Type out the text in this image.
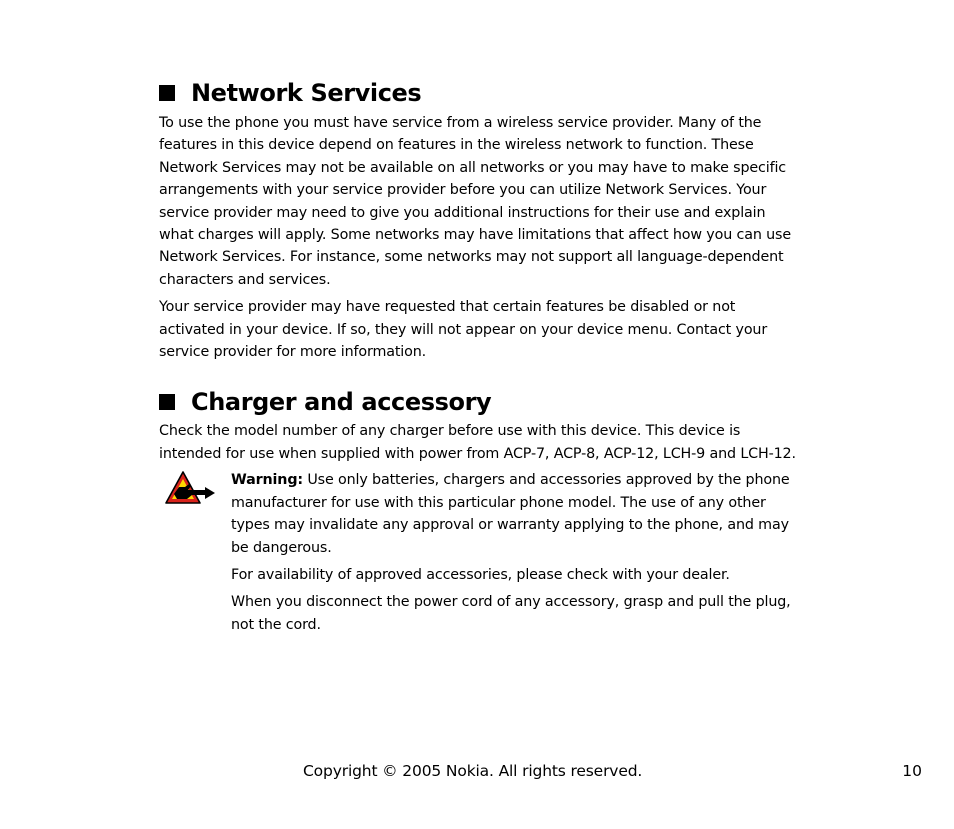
Network Services

To use the phone you must have service from a wireless service provider. Many of the features in this device depend on features in the wireless network to function. These Network Services may not be available on all networks or you may have to make specific arrangements with your service provider before you can utilize Network Services. Your service provider may need to give you additional instructions for their use and explain what charges will apply. Some networks may have limitations that affect how you can use Network Services. For instance, some networks may not support all language-dependent characters and services.

Your service provider may have requested that certain features be disabled or not activated in your device. If so, they will not appear on your device menu. Contact your service provider for more information.

Charger and accessory

Check the model number of any charger before use with this device. This device is intended for use when supplied with power from ACP-7, ACP-8, ACP-12, LCH-9 and LCH-12.

Warning: Use only batteries, chargers and accessories approved by the phone manufacturer for use with this particular phone model. The use of any other types may invalidate any approval or warranty applying to the phone, and may be dangerous.

For availability of approved accessories, please check with your dealer.

When you disconnect the power cord of any accessory, grasp and pull the plug, not the cord.

Copyright © 2005 Nokia. All rights reserved.	10
